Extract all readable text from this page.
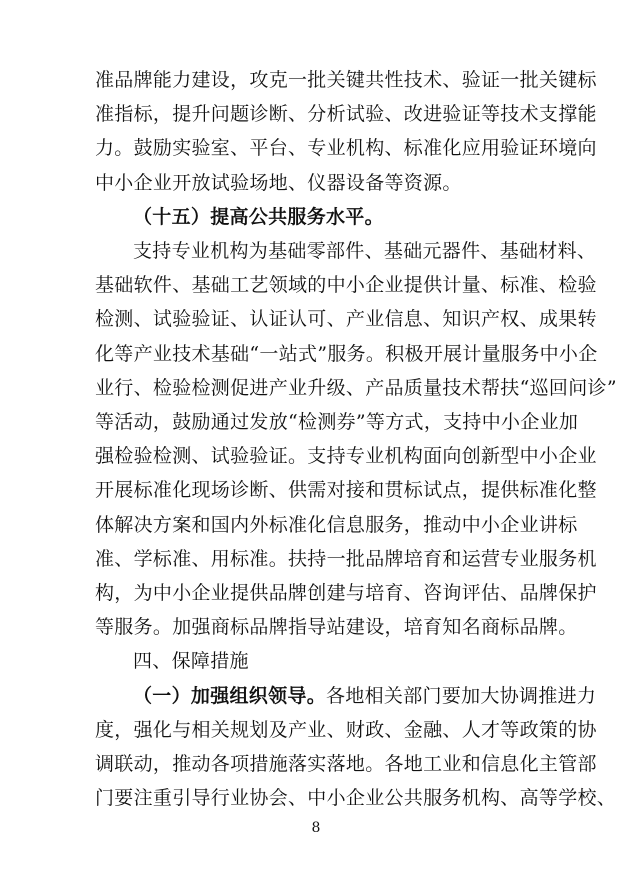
准品牌能力建设，攻克一批关键共性技术、验证一批关键标
准指标，提升问题诊断、分析试验、改进验证等技术支撑能
力。鼓励实验室、平台、专业机构、标准化应用验证环境向
中小企业开放试验场地、仪器设备等资源。
（十五）提高公共服务水平。
支持专业机构为基础零部件、基础元器件、基础材料、
基础软件、基础工艺领域的中小企业提供计量、标准、检验
检测、试验验证、认证认可、产业信息、知识产权、成果转
化等产业技术基础“一站式”服务。积极开展计量服务中小企
业行、检验检测促进产业升级、产品质量技术帮扶“巡回问诊”
等活动，鼓励通过发放“检测券”等方式，支持中小企业加
强检验检测、试验验证。支持专业机构面向创新型中小企业
开展标准化现场诊断、供需对接和贯标试点，提供标准化整
体解决方案和国内外标准化信息服务，推动中小企业讲标
准、学标准、用标准。扶持一批品牌培育和运营专业服务机
构，为中小企业提供品牌创建与培育、咨询评估、品牌保护
等服务。加强商标品牌指导站建设，培育知名商标品牌。
四、保障措施
（一）加强组织领导。 各地相关部门要加大协调推进力
度，强化与相关规划及产业、财政、金融、人才等政策的协
8
调联动，推动各项措施落实落地。各地工业和信息化主管部
门要注重引导行业协会、中小企业公共服务机构、高等学校、
